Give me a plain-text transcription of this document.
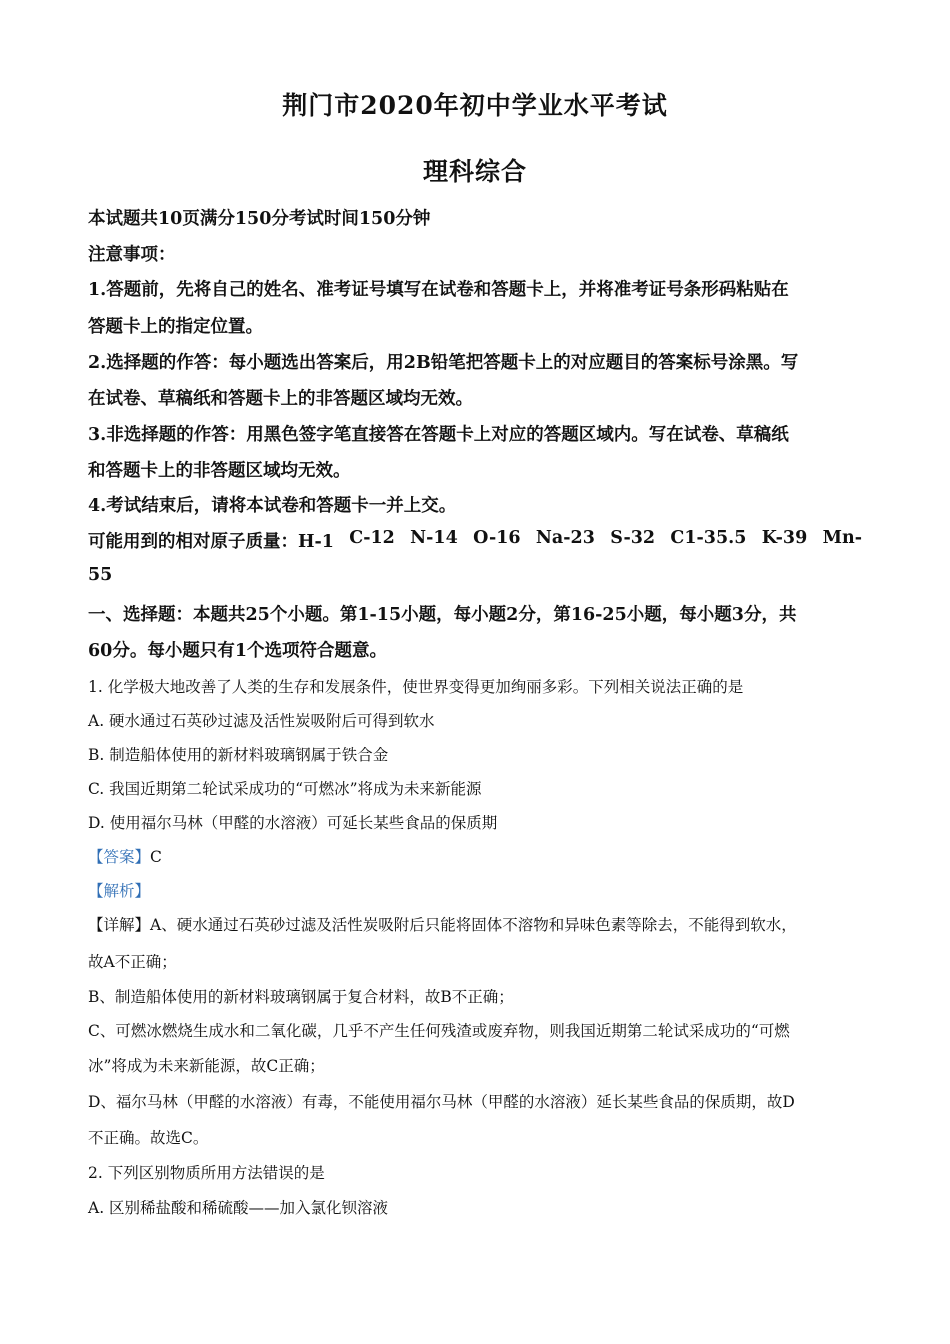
荆门市2020年初中学业水平考试
理科综合

本试题共10页满分150分考试时间150分钟

注意事项：

1.答题前，先将自己的姓名、准考证号填写在试卷和答题卡上，并将准考证号条形码粘贴在

答题卡上的指定位置。

2.选择题的作答：每小题选出答案后，用2B铅笔把答题卡上的对应题目的答案标号涂黑。写

在试卷、草稿纸和答题卡上的非答题区域均无效。

3.非选择题的作答：用黑色签字笔直接答在答题卡上对应的答题区域内。写在试卷、草稿纸

和答题卡上的非答题区域均无效。

4.考试结束后，请将本试卷和答题卡一并上交。

可能用到的相对原子质量：H-1 C-12 N-14 O-16 Na-23 S-32 C1-35.5 K-39 Mn-

55

一、选择题：本题共25个小题。第1-15小题，每小题2分，第16-25小题，每小题3分，共

60分。每小题只有1个选项符合题意。

1. 化学极大地改善了人类的生存和发展条件，使世界变得更加绚丽多彩。下列相关说法正确的是

A. 硬水通过石英砂过滤及活性炭吸附后可得到软水

B. 制造船体使用的新材料玻璃钢属于铁合金

C. 我国近期第二轮试采成功的“可燃冰”将成为未来新能源

D. 使用福尔马林（甲醛的水溶液）可延长某些食品的保质期

【答案】C

【解析】

【详解】A、硬水通过石英砂过滤及活性炭吸附后只能将固体不溶物和异味色素等除去，不能得到软水，

故A不正确；

B、制造船体使用的新材料玻璃钢属于复合材料，故B不正确；

C、可燃冰燃烧生成水和二氧化碳，几乎不产生任何残渣或废弃物，则我国近期第二轮试采成功的“可燃

冰”将成为未来新能源，故C正确；

D、福尔马林（甲醛的水溶液）有毒，不能使用福尔马林（甲醛的水溶液）延长某些食品的保质期，故D

不正确。故选C。

2. 下列区别物质所用方法错误的是

A. 区别稀盐酸和稀硫酸——加入氯化钡溶液
